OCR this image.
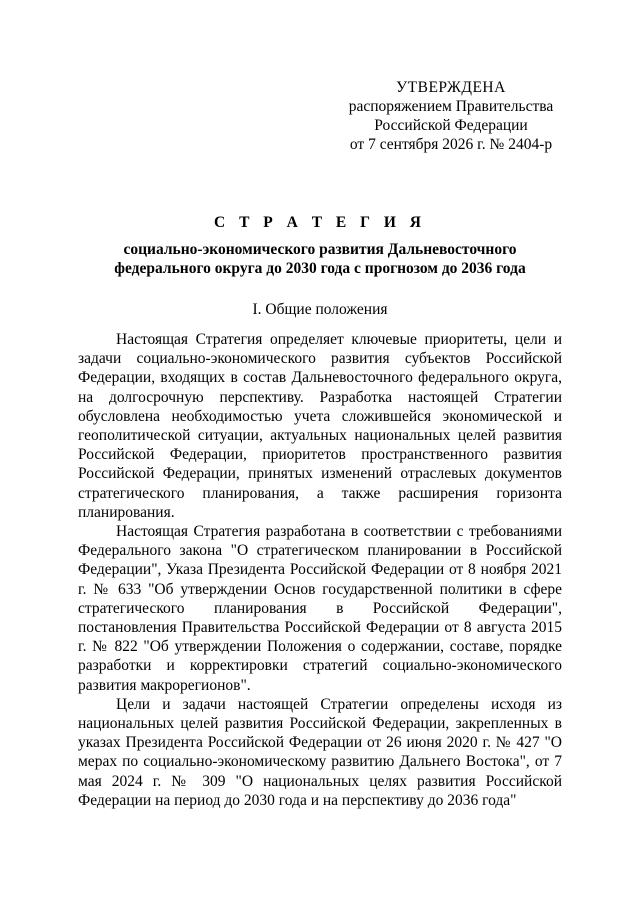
УТВЕРЖДЕНА
распоряжением Правительства
Российской Федерации
от 7 сентября 2026 г. № 2404-р
С Т Р А Т Е Г И Я
социально-экономического развития Дальневосточного
федерального округа до 2030 года с прогнозом до 2036 года
I. Общие положения

Настоящая Стратегия определяет ключевые приоритеты, цели и задачи социально-экономического развития субъектов Российской Федерации, входящих в состав Дальневосточного федерального округа, на долгосрочную перспективу. Разработка настоящей Стратегии обусловлена необходимостью учета сложившейся экономической и геополитической ситуации, актуальных национальных целей развития Российской Федерации, приоритетов пространственного развития Российской Федерации, принятых изменений отраслевых документов стратегического планирования, а также расширения горизонта планирования.

Настоящая Стратегия разработана в соответствии с требованиями Федерального закона "О стратегическом планировании в Российской Федерации", Указа Президента Российской Федерации от 8 ноября 2021 г. № 633 "Об утверждении Основ государственной политики в сфере стратегического планирования в Российской Федерации", постановления Правительства Российской Федерации от 8 августа 2015 г. № 822 "Об утверждении Положения о содержании, составе, порядке разработки и корректировки стратегий социально-экономического развития макрорегионов".

Цели и задачи настоящей Стратегии определены исходя из национальных целей развития Российской Федерации, закрепленных в указах Президента Российской Федерации от 26 июня 2020 г. № 427 "О мерах по социально-экономическому развитию Дальнего Востока", от 7 мая 2024 г. № 309 "О национальных целях развития Российской Федерации на период до 2030 года и на перспективу до 2036 года"
